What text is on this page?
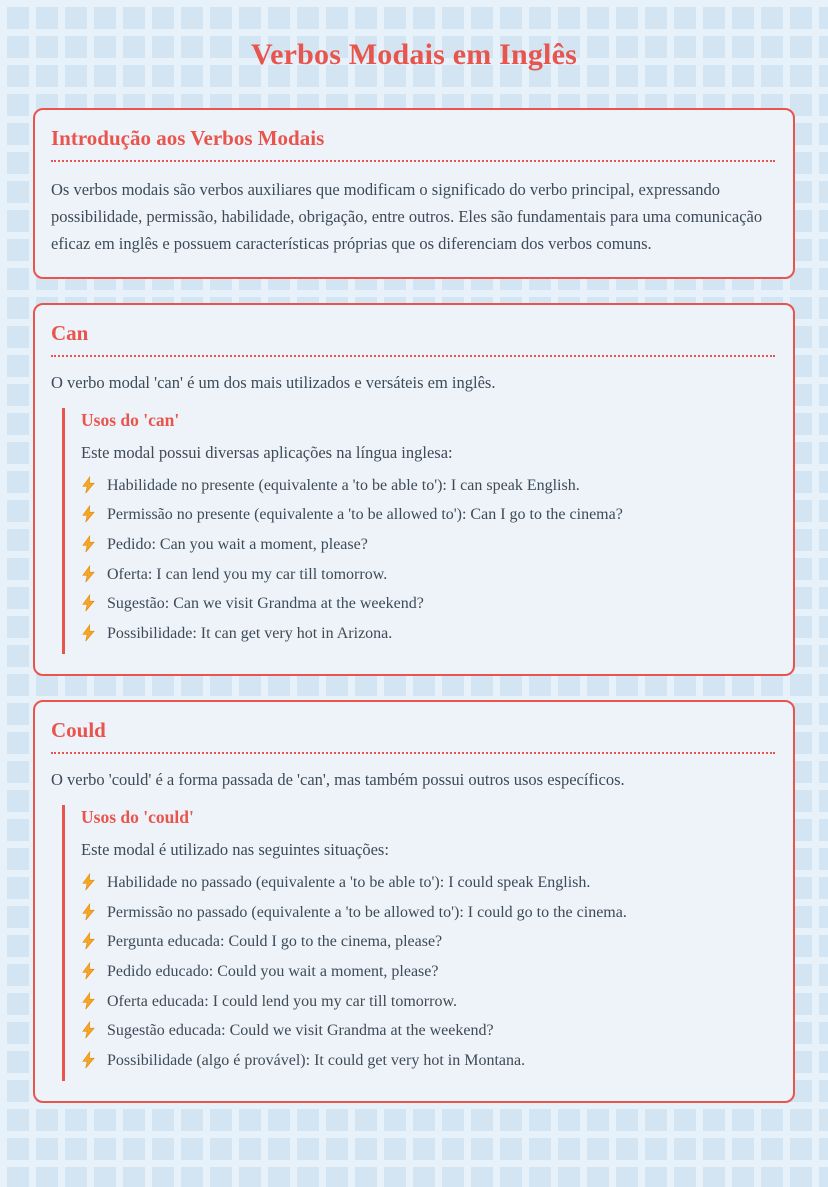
Verbos Modais em Inglês
Introdução aos Verbos Modais

Os verbos modais são verbos auxiliares que modificam o significado do verbo principal, expressando possibilidade, permissão, habilidade, obrigação, entre outros. Eles são fundamentais para uma comunicação eficaz em inglês e possuem características próprias que os diferenciam dos verbos comuns.

Can

O verbo modal 'can' é um dos mais utilizados e versáteis em inglês.

Usos do 'can'

Este modal possui diversas aplicações na língua inglesa:

Habilidade no presente (equivalente a 'to be able to'): I can speak English.
Permissão no presente (equivalente a 'to be allowed to'): Can I go to the cinema?
Pedido: Can you wait a moment, please?
Oferta: I can lend you my car till tomorrow.
Sugestão: Can we visit Grandma at the weekend?
Possibilidade: It can get very hot in Arizona.
Could

O verbo 'could' é a forma passada de 'can', mas também possui outros usos específicos.

Usos do 'could'

Este modal é utilizado nas seguintes situações:

Habilidade no passado (equivalente a 'to be able to'): I could speak English.
Permissão no passado (equivalente a 'to be allowed to'): I could go to the cinema.
Pergunta educada: Could I go to the cinema, please?
Pedido educado: Could you wait a moment, please?
Oferta educada: I could lend you my car till tomorrow.
Sugestão educada: Could we visit Grandma at the weekend?
Possibilidade (algo é provável): It could get very hot in Montana.
